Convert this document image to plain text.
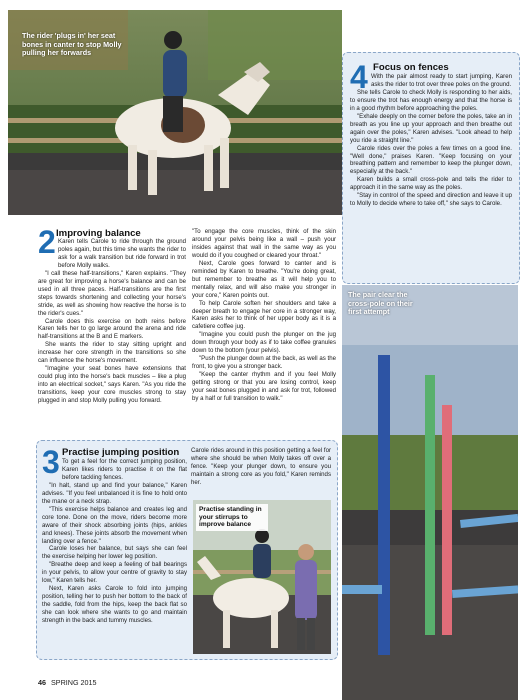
The rider 'plugs in' her seat bones in canter to stop Molly pulling her forwards
4 Focus on fences

With the pair almost ready to start jumping, Karen asks the rider to trot over three poles on the ground.

She tells Carole to check Molly is responding to her aids, to ensure the trot has enough energy and that the horse is in a good rhythm before approaching the poles.

"Exhale deeply on the corner before the poles, take an in breath as you line up your approach and then breathe out again over the poles," Karen advises. "Look ahead to help you ride a straight line."

Carole rides over the poles a few times on a good line. "Well done," praises Karen. "Keep focusing on your breathing pattern and remember to keep the plunger down, especially at the back."

Karen builds a small cross-pole and tells the rider to approach it in the same way as the poles.

"Stay in control of the speed and direction and leave it up to Molly to decide where to take off," she says to Carole.

The pair clear the cross-pole on their first attempt
2 Improving balance

Karen tells Carole to ride through the ground poles again, but this time she wants the rider to ask for a walk transition but ride forward in trot before Molly walks.

"I call these half-transitions," Karen explains. "They are great for improving a horse's balance and can be used in all three paces. Half-transitions are the first steps towards shortening and collecting your horse's stride, as well as showing how reactive the horse is to the rider's cues."

Carole does this exercise on both reins before Karen tells her to go large around the arena and ride half-transitions at the B and E markers.

She wants the rider to stay sitting upright and increase her core strength in the transitions so she can influence the horse's movement.

"Imagine your seat bones have extensions that could plug into the horse's back muscles – like a plug into an electrical socket," says Karen. "As you ride the transitions, keep your core muscles strong to stay plugged in and stop Molly pulling you forward.

"To engage the core muscles, think of the skin around your pelvis being like a wall – push your insides against that wall in the same way as you would do if you coughed or cleared your throat."

Next, Carole goes forward to canter and is reminded by Karen to breathe. "You're doing great, but remember to breathe as it will help you to mentally relax, and will also make you stronger in your core," Karen points out.

To help Carole soften her shoulders and take a deeper breath to engage her core in a stronger way, Karen asks her to think of her upper body as it is a cafetiere coffee jug.

"Imagine you could push the plunger on the jug down through your body as if to take coffee granules down to the bottom (your pelvis).

"Push the plunger down at the back, as well as the front, to give you a stronger back.

"Keep the canter rhythm and if you feel Molly getting strong or that you are losing control, keep your seat bones plugged in and ask for trot, followed by a half or full transition to walk."

3 Practise jumping position

To get a feel for the correct jumping position, Karen likes riders to practise it on the flat before tackling fences.

"In halt, stand up and find your balance," Karen advises. "If you feel unbalanced it is fine to hold onto the mane or a neck strap.

"This exercise helps balance and creates leg and core tone. Done on the move, riders become more aware of their shock absorbing joints (hips, ankles and knees). These joints absorb the movement when landing over a fence."

Carole loses her balance, but says she can feel the exercise helping her lower leg position.

"Breathe deep and keep a feeling of ball bearings in your pelvis, to allow your centre of gravity to stay low," Karen tells her.

Next, Karen asks Carole to fold into jumping position, telling her to push her bottom to the back of the saddle, fold from the hips, keep the back flat so she can look where she wants to go and maintain strength in the back and tummy muscles.

Carole rides around in this position getting a feel for where she should be when Molly takes off over a fence. "Keep your plunger down, to ensure you maintain a strong core as you fold," Karen reminds her.

Practise standing in your stirrups to improve balance
46 SPRING 2015
